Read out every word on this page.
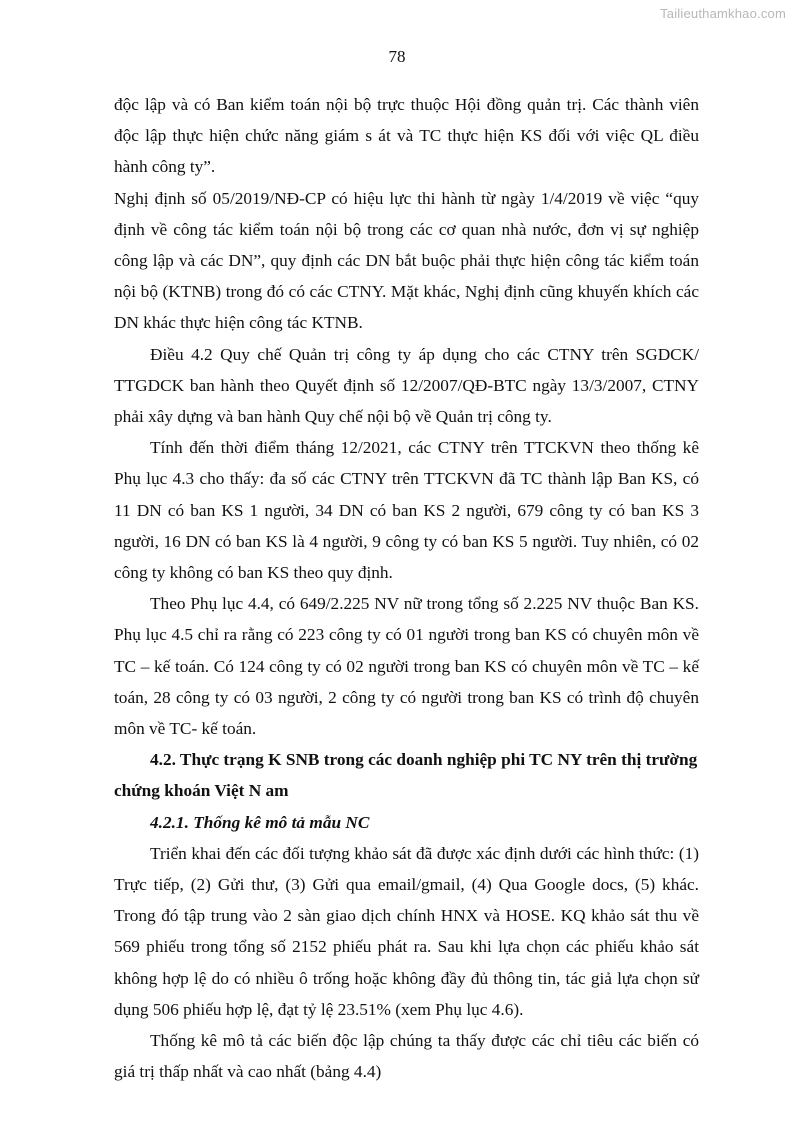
Tailieuthamkhao.com
78

độc lập và có Ban kiểm toán nội bộ trực thuộc Hội đồng quản trị. Các thành viên độc lập thực hiện chức năng giám s át và TC thực hiện KS đối với việc QL điều hành công ty”.

Nghị định số 05/2019/NĐ-CP có hiệu lực thi hành từ ngày 1/4/2019 về việc “quy định về công tác kiểm toán nội bộ trong các cơ quan nhà nước, đơn vị sự nghiệp công lập và các DN”, quy định các DN bắt buộc phải thực hiện công tác kiểm toán nội bộ (KTNB) trong đó có các CTNY. Mặt khác, Nghị định cũng khuyến khích các DN khác thực hiện công tác KTNB.

Điều 4.2 Quy chế Quản trị công ty áp dụng cho các CTNY trên SGDCK/ TTGDCK ban hành theo Quyết định số 12/2007/QĐ-BTC ngày 13/3/2007, CTNY phải xây dựng và ban hành Quy chế nội bộ về Quản trị công ty.

Tính đến thời điểm tháng 12/2021, các CTNY trên TTCKVN theo thống kê Phụ lục 4.3 cho thấy: đa số các CTNY trên TTCKVN đã TC thành lập Ban KS, có 11 DN có ban KS 1 người, 34 DN có ban KS 2 người, 679 công ty có ban KS 3 người, 16 DN có ban KS là 4 người, 9 công ty có ban KS 5 người. Tuy nhiên, có 02 công ty không có ban KS theo quy định.

Theo Phụ lục 4.4, có 649/2.225 NV nữ trong tổng số 2.225 NV thuộc Ban KS. Phụ lục 4.5 chỉ ra rằng có 223 công ty có 01 người trong ban KS có chuyên môn về TC – kế toán. Có 124 công ty có 02 người trong ban KS có chuyên môn về TC – kế toán, 28 công ty có 03 người, 2 công ty có người trong ban KS có trình độ chuyên môn về TC- kế toán.

4.2. Thực trạng K SNB trong các doanh nghiệp phi TC NY trên thị trường chứng khoán Việt N am

4.2.1. Thống kê mô tả mẫu NC

Triển khai đến các đối tượng khảo sát đã được xác định dưới các hình thức: (1) Trực tiếp, (2) Gửi thư, (3) Gửi qua email/gmail, (4) Qua Google docs, (5) khác. Trong đó tập trung vào 2 sàn giao dịch chính HNX và HOSE. KQ khảo sát thu về 569 phiếu trong tổng số 2152 phiếu phát ra. Sau khi lựa chọn các phiếu khảo sát không hợp lệ do có nhiều ô trống hoặc không đầy đủ thông tin, tác giả lựa chọn sử dụng 506 phiếu hợp lệ, đạt tỷ lệ 23.51% (xem Phụ lục 4.6).

Thống kê mô tả các biến độc lập chúng ta thấy được các chỉ tiêu các biến có giá trị thấp nhất và cao nhất (bảng 4.4)
